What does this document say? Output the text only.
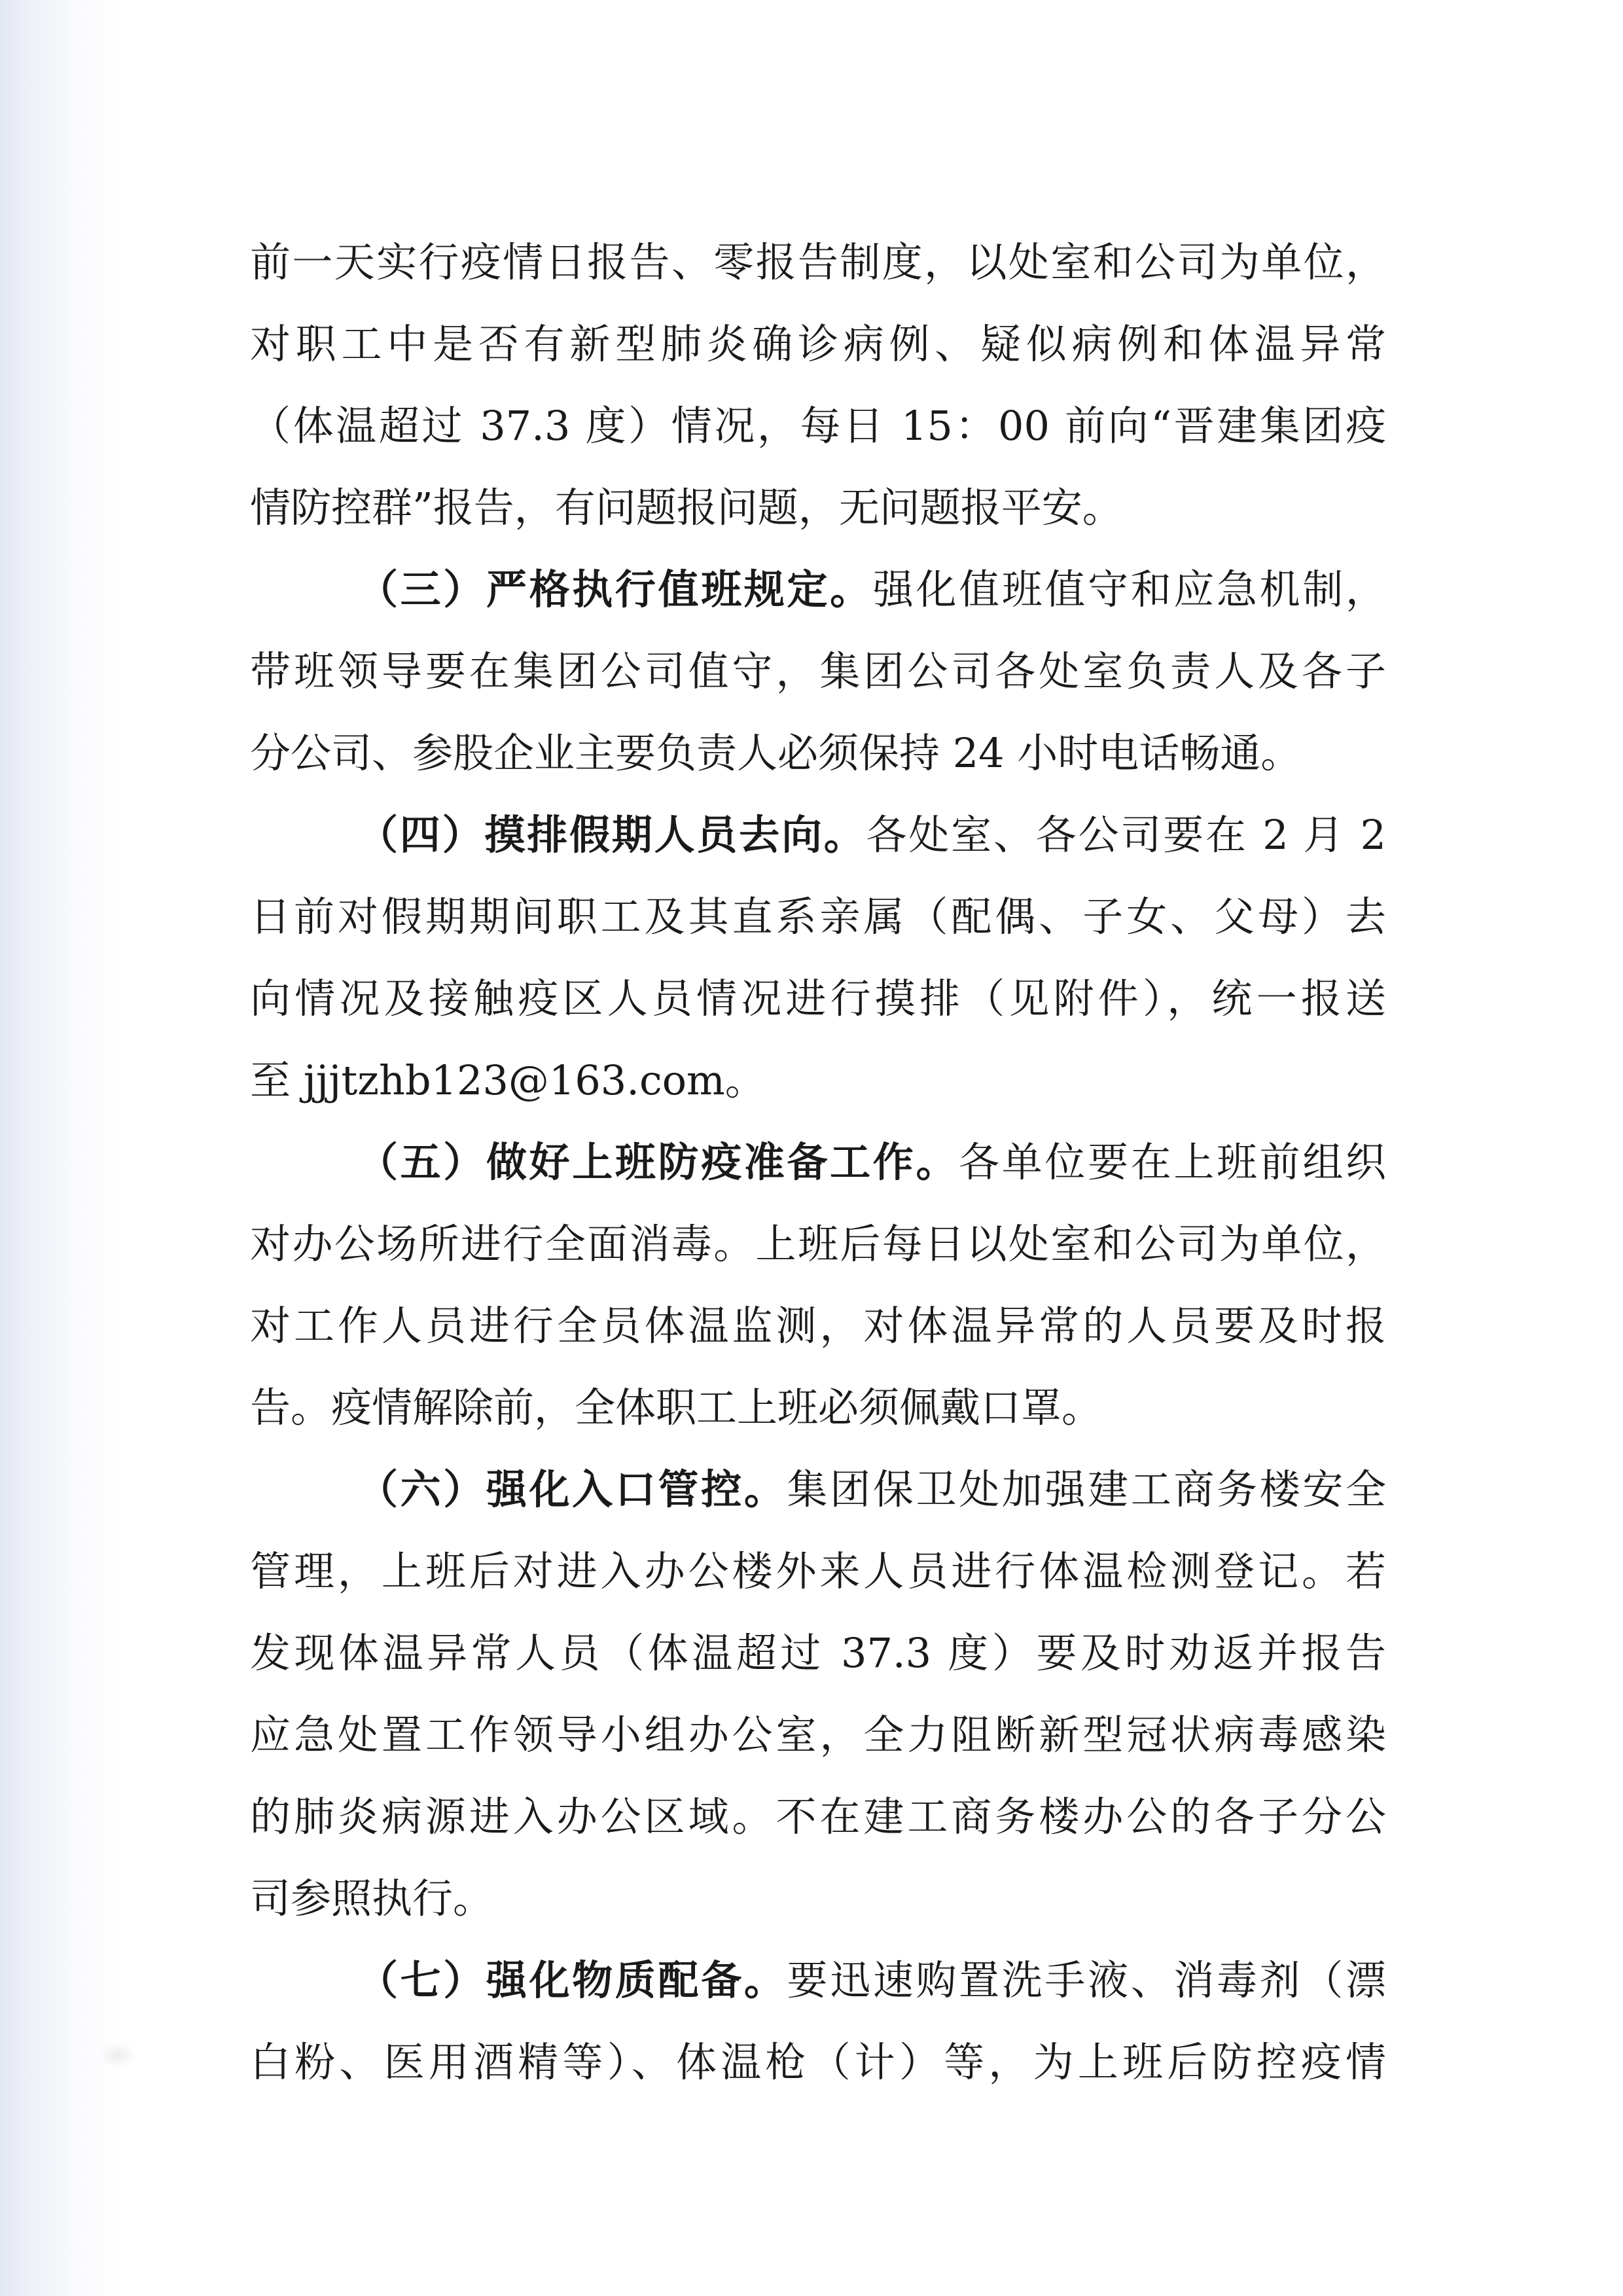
前一天实行疫情日报告、零报告制度，以处室和公司为单位，
对职工中是否有新型肺炎确诊病例、疑似病例和体温异常
（体温超过 37.3 度）情况，每日 15：00 前向“晋建集团疫
情防控群”报告，有问题报问题，无问题报平安。
（三）严格执行值班规定。强化值班值守和应急机制，
带班领导要在集团公司值守，集团公司各处室负责人及各子
分公司、参股企业主要负责人必须保持 24 小时电话畅通。
（四）摸排假期人员去向。各处室、各公司要在 2 月 2
日前对假期期间职工及其直系亲属（配偶、子女、父母）去
向情况及接触疫区人员情况进行摸排（见附件），统一报送
至 jjjtzhb123@163.com。
（五）做好上班防疫准备工作。各单位要在上班前组织
对办公场所进行全面消毒。上班后每日以处室和公司为单位，
对工作人员进行全员体温监测，对体温异常的人员要及时报
告。疫情解除前，全体职工上班必须佩戴口罩。
（六）强化入口管控。集团保卫处加强建工商务楼安全
管理，上班后对进入办公楼外来人员进行体温检测登记。若
发现体温异常人员（体温超过 37.3 度）要及时劝返并报告
应急处置工作领导小组办公室，全力阻断新型冠状病毒感染
的肺炎病源进入办公区域。不在建工商务楼办公的各子分公
司参照执行。
（七）强化物质配备。要迅速购置洗手液、消毒剂（漂
白粉、医用酒精等）、体温枪（计）等，为上班后防控疫情
